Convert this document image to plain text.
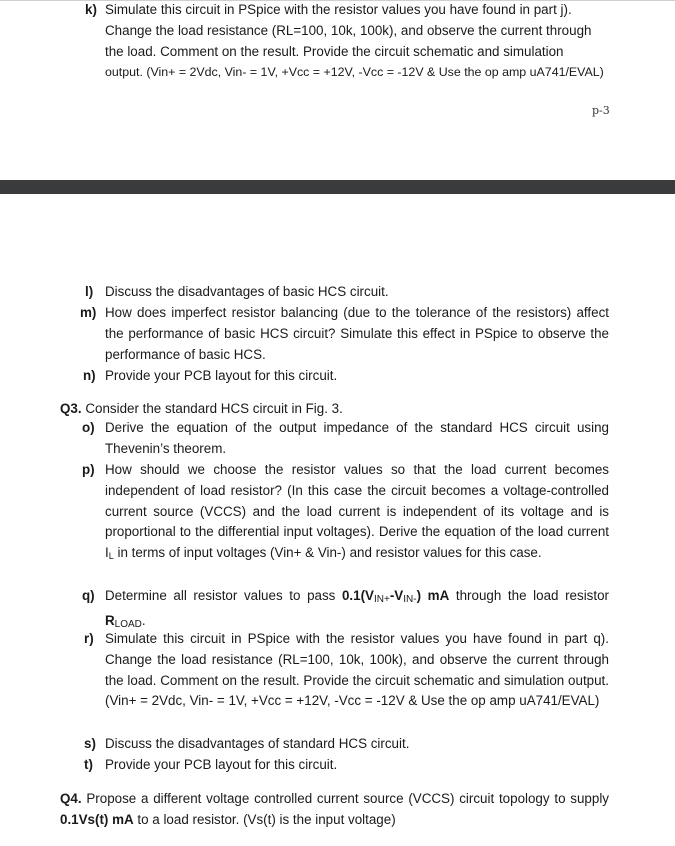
k) Simulate this circuit in PSpice with the resistor values you have found in part j).
Change the load resistance (RL=100, 10k, 100k), and observe the current through
the load. Comment on the result. Provide the circuit schematic and simulation
output. (Vin+ = 2Vdc, Vin- = 1V, +Vcc = +12V, -Vcc = -12V & Use the op amp uA741/EVAL)
p-3
l) Discuss the disadvantages of basic HCS circuit.
m) How does imperfect resistor balancing (due to the tolerance of the resistors) affect the performance of basic HCS circuit? Simulate this effect in PSpice to observe the performance of basic HCS.
n) Provide your PCB layout for this circuit.
Q3. Consider the standard HCS circuit in Fig. 3.
o) Derive the equation of the output impedance of the standard HCS circuit using Thevenin’s theorem.
p) How should we choose the resistor values so that the load current becomes independent of load resistor? (In this case the circuit becomes a voltage-controlled current source (VCCS) and the load current is independent of its voltage and is proportional to the differential input voltages). Derive the equation of the load current $I_L$ in terms of input voltages (Vin+ & Vin-) and resistor values for this case.
q) Determine all resistor values to pass $0.1(V_{IN+}-V_{IN-})$ mA through the load resistor $R_{LOAD}$.
r) Simulate this circuit in PSpice with the resistor values you have found in part q). Change the load resistance (RL=100, 10k, 100k), and observe the current through the load. Comment on the result. Provide the circuit schematic and simulation output. (Vin+ = 2Vdc, Vin- = 1V, +Vcc = +12V, -Vcc = -12V & Use the op amp uA741/EVAL)
s) Discuss the disadvantages of standard HCS circuit.
t) Provide your PCB layout for this circuit.
Q4. Propose a different voltage controlled current source (VCCS) circuit topology to supply 0.1Vs(t) mA to a load resistor. (Vs(t) is the input voltage)
